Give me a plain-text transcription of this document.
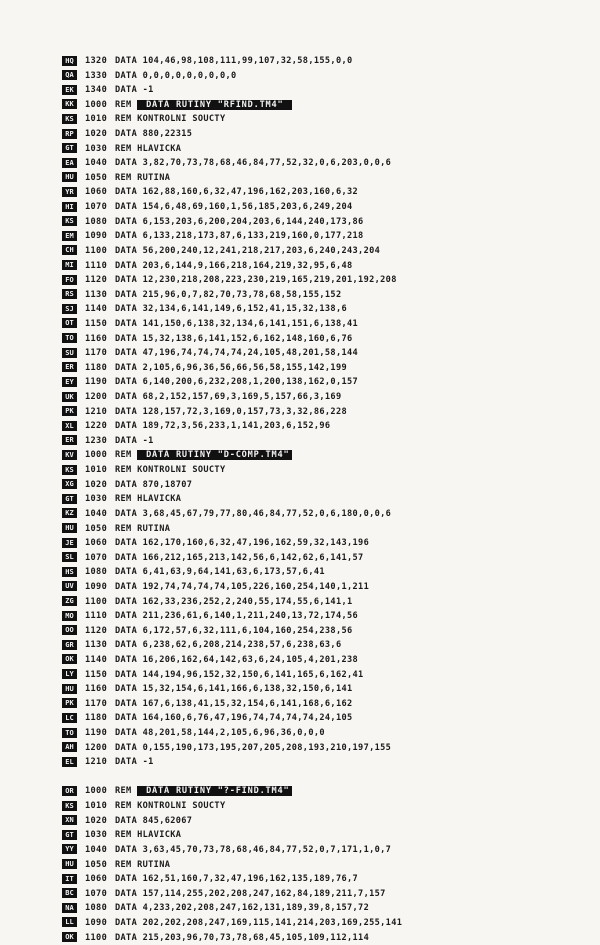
HQ 1320 DATA 104,46,98,108,111,99,107,32,58,155,0,0
QA 1330 DATA 0,0,0,0,0,0,0,0,0
EK 1340 DATA -1
KK 1000 REM  DATA RUTINY "RFIND.TM4"
KS 1010 REM KONTROLNI SOUCTY
RP 1020 DATA 880,22315
GT 1030 REM HLAVICKA
EA 1040 DATA 3,82,70,73,78,68,46,84,77,52,32,0,6,203,0,0,6
HU 1050 REM RUTINA
YR 1060 DATA 162,88,160,6,32,47,196,162,203,160,6,32
HI 1070 DATA 154,6,48,69,160,1,56,185,203,6,249,204
KS 1080 DATA 6,153,203,6,200,204,203,6,144,240,173,86
EM 1090 DATA 6,133,218,173,87,6,133,219,160,0,177,218
CH 1100 DATA 56,200,240,12,241,218,217,203,6,240,243,204
MI 1110 DATA 203,6,144,9,166,218,164,219,32,95,6,48
FO 1120 DATA 12,230,218,208,223,230,219,165,219,201,192,208
RS 1130 DATA 215,96,0,7,82,70,73,78,68,58,155,152
SJ 1140 DATA 32,134,6,141,149,6,152,41,15,32,138,6
OT 1150 DATA 141,150,6,138,32,134,6,141,151,6,138,41
TO 1160 DATA 15,32,138,6,141,152,6,162,148,160,6,76
SU 1170 DATA 47,196,74,74,74,74,24,105,48,201,58,144
ER 1180 DATA 2,105,6,96,36,56,66,56,58,155,142,199
EY 1190 DATA 6,140,200,6,232,208,1,200,138,162,0,157
UK 1200 DATA 68,2,152,157,69,3,169,5,157,66,3,169
PK 1210 DATA 128,157,72,3,169,0,157,73,3,32,86,228
XL 1220 DATA 189,72,3,56,233,1,141,203,6,152,96
ER 1230 DATA -1
KV 1000 REM  DATA RUTINY "D-COMP.TM4"
KS 1010 REM KONTROLNI SOUCTY
XG 1020 DATA 870,18707
GT 1030 REM HLAVICKA
KZ 1040 DATA 3,68,45,67,79,77,80,46,84,77,52,0,6,180,0,0,6
HU 1050 REM RUTINA
JE 1060 DATA 162,170,160,6,32,47,196,162,59,32,143,196
SL 1070 DATA 166,212,165,213,142,56,6,142,62,6,141,57
HS 1080 DATA 6,41,63,9,64,141,63,6,173,57,6,41
UV 1090 DATA 192,74,74,74,74,105,226,160,254,140,1,211
ZG 1100 DATA 162,33,236,252,2,240,55,174,55,6,141,1
MO 1110 DATA 211,236,61,6,140,1,211,240,13,72,174,56
OO 1120 DATA 6,172,57,6,32,111,6,104,160,254,238,56
GR 1130 DATA 6,238,62,6,208,214,238,57,6,238,63,6
OK 1140 DATA 16,206,162,64,142,63,6,24,105,4,201,238
LY 1150 DATA 144,194,96,152,32,150,6,141,165,6,162,41
HU 1160 DATA 15,32,154,6,141,166,6,138,32,150,6,141
PK 1170 DATA 167,6,138,41,15,32,154,6,141,168,6,162
LC 1180 DATA 164,160,6,76,47,196,74,74,74,74,24,105
TO 1190 DATA 48,201,58,144,2,105,6,96,36,0,0,0
AH 1200 DATA 0,155,190,173,195,207,205,208,193,210,197,155
EL 1210 DATA -1
OR 1000 REM  DATA RUTINY "?-FIND.TM4"
KS 1010 REM KONTROLNI SOUCTY
XN 1020 DATA 845,62067
GT 1030 REM HLAVICKA
YY 1040 DATA 3,63,45,70,73,78,68,46,84,77,52,0,7,171,1,0,7
HU 1050 REM RUTINA
IT 1060 DATA 162,51,160,7,32,47,196,162,135,189,76,7
BC 1070 DATA 157,114,255,202,208,247,162,84,189,211,7,157
NA 1080 DATA 4,233,202,208,247,162,131,189,39,8,157,72
LL 1090 DATA 202,202,208,247,169,115,141,214,203,169,255,141
OK 1100 DATA 215,203,96,70,73,78,68,45,105,109,112,114
